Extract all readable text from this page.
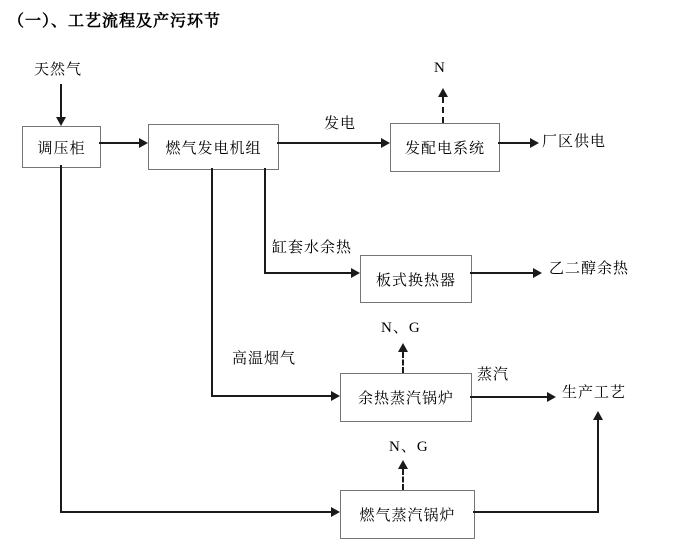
（一）、工艺流程及产污环节
天然气	N
发电
厂区供电
缸套水余热
乙二醇余热
N、G
高温烟气
蒸汽
生产工艺
N、G
调压柜	燃气发电机组	发配电系统
板式换热器
余热蒸汽锅炉
燃气蒸汽锅炉
